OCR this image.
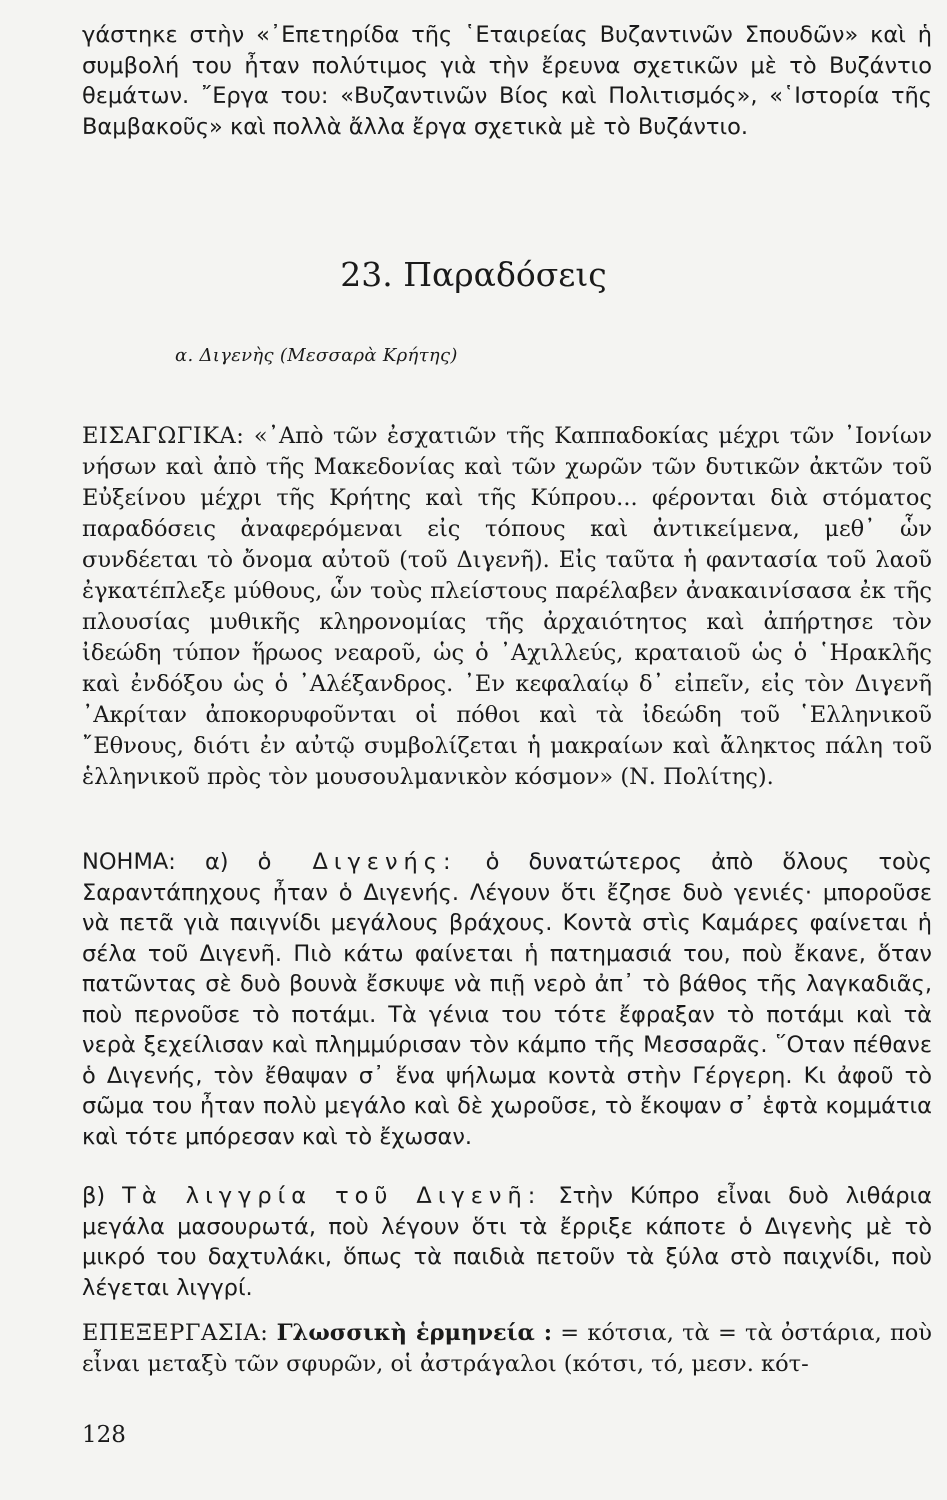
γάστηκε στὴν «᾿Επετηρίδα τῆς ῾Εταιρείας Βυζαντινῶν Σπουδῶν» καὶ ἡ συμβολή του ἦταν πολύτιμος γιὰ τὴν ἔρευνα σχετικῶν μὲ τὸ Βυζάντιο θεμάτων. ῎Εργα του: «Βυζαντινῶν Βίος καὶ Πολιτισμός», «῾Ιστορία τῆς Βαμβακοῦς» καὶ πολλὰ ἄλλα ἔργα σχετικὰ μὲ τὸ Βυζάντιο.

23. Παραδόσεις

α. Διγενὴς (Μεσσαρὰ Κρήτης)

ΕΙΣΑΓΩΓΙΚΑ: «᾿Απὸ τῶν ἐσχατιῶν τῆς Καππαδοκίας μέχρι τῶν ᾿Ιονίων νήσων καὶ ἀπὸ τῆς Μακεδονίας καὶ τῶν χωρῶν τῶν δυτικῶν ἀκτῶν τοῦ Εὐξείνου μέχρι τῆς Κρήτης καὶ τῆς Κύπρου... φέρονται διὰ στόματος παραδόσεις ἀναφερόμεναι εἰς τόπους καὶ ἀντικείμενα, μεθ᾿ ὧν συνδέεται τὸ ὄνομα αὐτοῦ (τοῦ Διγενῆ). Εἰς ταῦτα ἡ φαντασία τοῦ λαοῦ ἐγκατέπλεξε μύθους, ὧν τοὺς πλείστους παρέλαβεν ἀνακαινίσασα ἐκ τῆς πλουσίας μυθικῆς κληρονομίας τῆς ἀρχαιότητος καὶ ἀπήρτησε τὸν ἰδεώδη τύπον ἥρωος νεαροῦ, ὡς ὁ ᾿Αχιλλεύς, κραταιοῦ ὡς ὁ ῾Ηρακλῆς καὶ ἐνδόξου ὡς ὁ ᾿Αλέξανδρος. ᾿Εν κεφαλαίῳ δ᾿ εἰπεῖν, εἰς τὸν Διγενῆ ᾿Ακρίταν ἀποκορυφοῦνται οἱ πόθοι καὶ τὰ ἰδεώδη τοῦ ῾Ελληνικοῦ ῎Εθνους, διότι ἐν αὐτῷ συμβολίζεται ἡ μακραίων καὶ ἄληκτος πάλη τοῦ ἑλληνικοῦ πρὸς τὸν μουσουλμανικὸν κόσμον» (Ν. Πολίτης).

ΝΟΗΜΑ: α) ὁ Διγενής: ὁ δυνατώτερος ἀπὸ ὅλους τοὺς Σαραντάπηχους ἦταν ὁ Διγενής. Λέγουν ὅτι ἔζησε δυὸ γενιές· μποροῦσε νὰ πετᾶ γιὰ παιγνίδι μεγάλους βράχους. Κοντὰ στὶς Καμάρες φαίνεται ἡ σέλα τοῦ Διγενῆ. Πιὸ κάτω φαίνεται ἡ πατημασιά του, ποὺ ἔκανε, ὅταν πατῶντας σὲ δυὸ βουνὰ ἔσκυψε νὰ πιῇ νερὸ ἀπ᾿ τὸ βάθος τῆς λαγκαδιᾶς, ποὺ περνοῦσε τὸ ποτάμι. Τὰ γένια του τότε ἔφραξαν τὸ ποτάμι καὶ τὰ νερὰ ξεχείλισαν καὶ πλημμύρισαν τὸν κάμπο τῆς Μεσσαρᾶς. ῞Οταν πέθανε ὁ Διγενής, τὸν ἔθαψαν σ᾿ ἕνα ψήλωμα κοντὰ στὴν Γέργερη. Κι ἀφοῦ τὸ σῶμα του ἦταν πολὺ μεγάλο καὶ δὲ χωροῦσε, τὸ ἔκοψαν σ᾿ ἑφτὰ κομμάτια καὶ τότε μπόρεσαν καὶ τὸ ἔχωσαν.

β) Τὰ λιγγρία τοῦ Διγενῆ: Στὴν Κύπρο εἶναι δυὸ λιθάρια μεγάλα μασουρωτά, ποὺ λέγουν ὅτι τὰ ἔρριξε κάποτε ὁ Διγενὴς μὲ τὸ μικρό του δαχτυλάκι, ὅπως τὰ παιδιὰ πετοῦν τὰ ξύλα στὸ παιχνίδι, ποὺ λέγεται λιγγρί.

ΕΠΕΞΕΡΓΑΣΙΑ: Γλωσσικὴ ἑρμηνεία : = κότσια, τὰ = τὰ ὀστάρια, ποὺ εἶναι μεταξὺ τῶν σφυρῶν, οἱ ἀστράγαλοι (κότσι, τό, μεσν. κότ-

128
